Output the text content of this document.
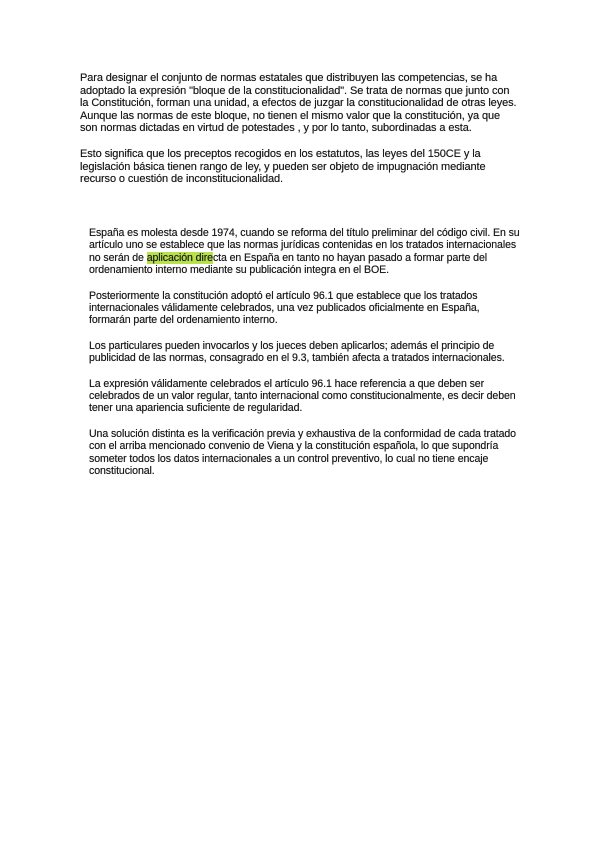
Para designar el conjunto de normas estatales que distribuyen las competencias, se ha adoptado la expresión "bloque de la constitucionalidad". Se trata de normas que junto con la Constitución, forman una unidad, a efectos de juzgar la constitucionalidad de otras leyes. Aunque las normas de este bloque, no tienen el mismo valor que la constitución, ya que son normas dictadas en virtud de potestades , y por lo tanto, subordinadas a esta.

Esto significa que los preceptos recogidos en los estatutos, las leyes del 150CE y la legislación básica tienen rango de ley, y pueden ser objeto de impugnación mediante recurso o cuestión de inconstitucionalidad.

España es molesta desde 1974, cuando se reforma del título preliminar del código civil. En su artículo uno se establece que las normas jurídicas contenidas en los tratados internacionales no serán de aplicación directa en España en tanto no hayan pasado a formar parte del ordenamiento interno mediante su publicación integra en el BOE.

Posteriormente la constitución adoptó el artículo 96.1 que establece que los tratados internacionales válidamente celebrados, una vez publicados oficialmente en España, formarán parte del ordenamiento interno.

Los particulares pueden invocarlos y los jueces deben aplicarlos; además el principio de publicidad de las normas, consagrado en el 9.3, también afecta a tratados internacionales.

La expresión válidamente celebrados el artículo 96.1 hace referencia a que deben ser celebrados de un valor regular, tanto internacional como constitucionalmente, es decir deben tener una apariencia suficiente de regularidad.

Una solución distinta es la verificación previa y exhaustiva de la conformidad de cada tratado con el arriba mencionado convenio de Viena y la constitución española, lo que supondría someter todos los datos internacionales a un control preventivo, lo cual no tiene encaje constitucional.
